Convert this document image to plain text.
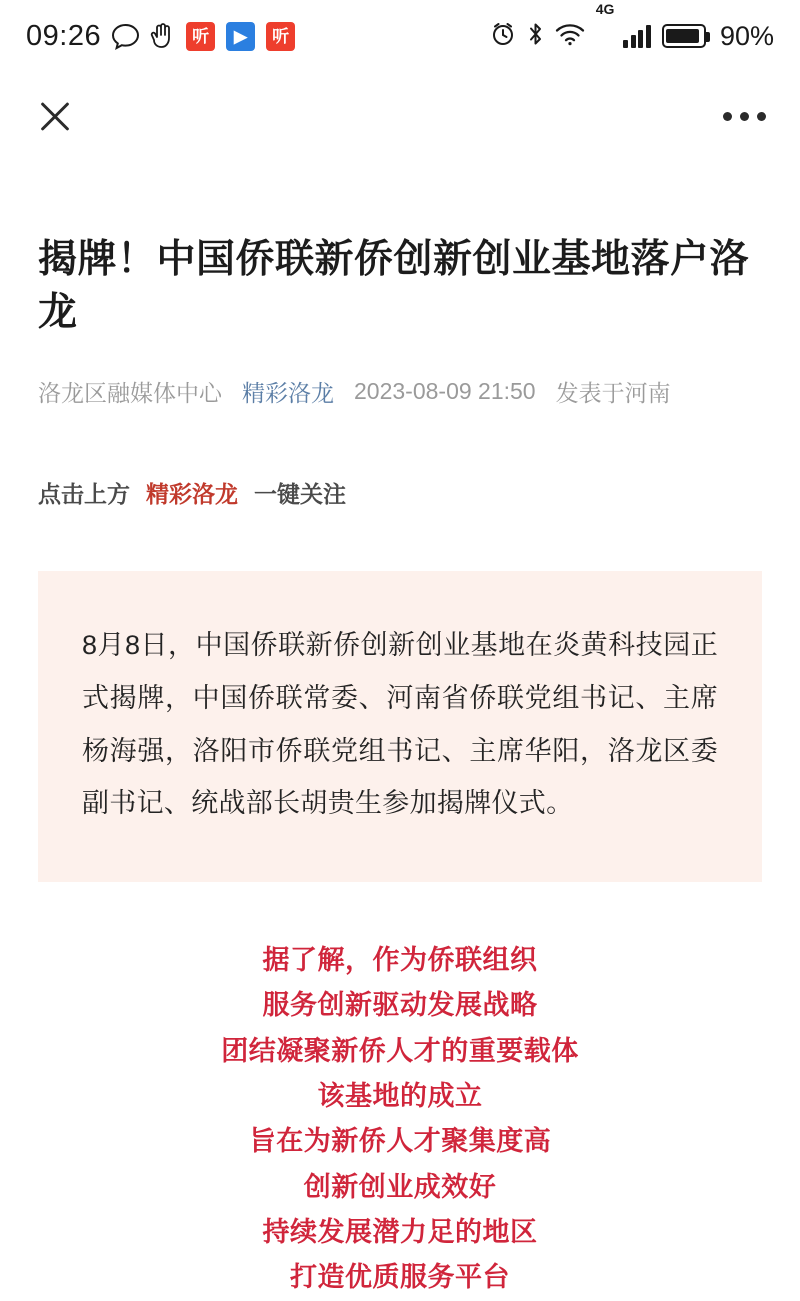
09:26	听	▶	听
4G
90%
揭牌！中国侨联新侨创新创业基地落户洛龙
洛龙区融媒体中心 精彩洛龙 2023-08-09 21:50 发表于河南
点击上方 精彩洛龙 一键关注

8月8日，中国侨联新侨创新创业基地在炎黄科技园正式揭牌，中国侨联常委、河南省侨联党组书记、主席杨海强，洛阳市侨联党组书记、主席华阳，洛龙区委副书记、统战部长胡贵生参加揭牌仪式。

据了解，作为侨联组织

服务创新驱动发展战略

团结凝聚新侨人才的重要载体

该基地的成立

旨在为新侨人才聚集度高

创新创业成效好

持续发展潜力足的地区

打造优质服务平台
